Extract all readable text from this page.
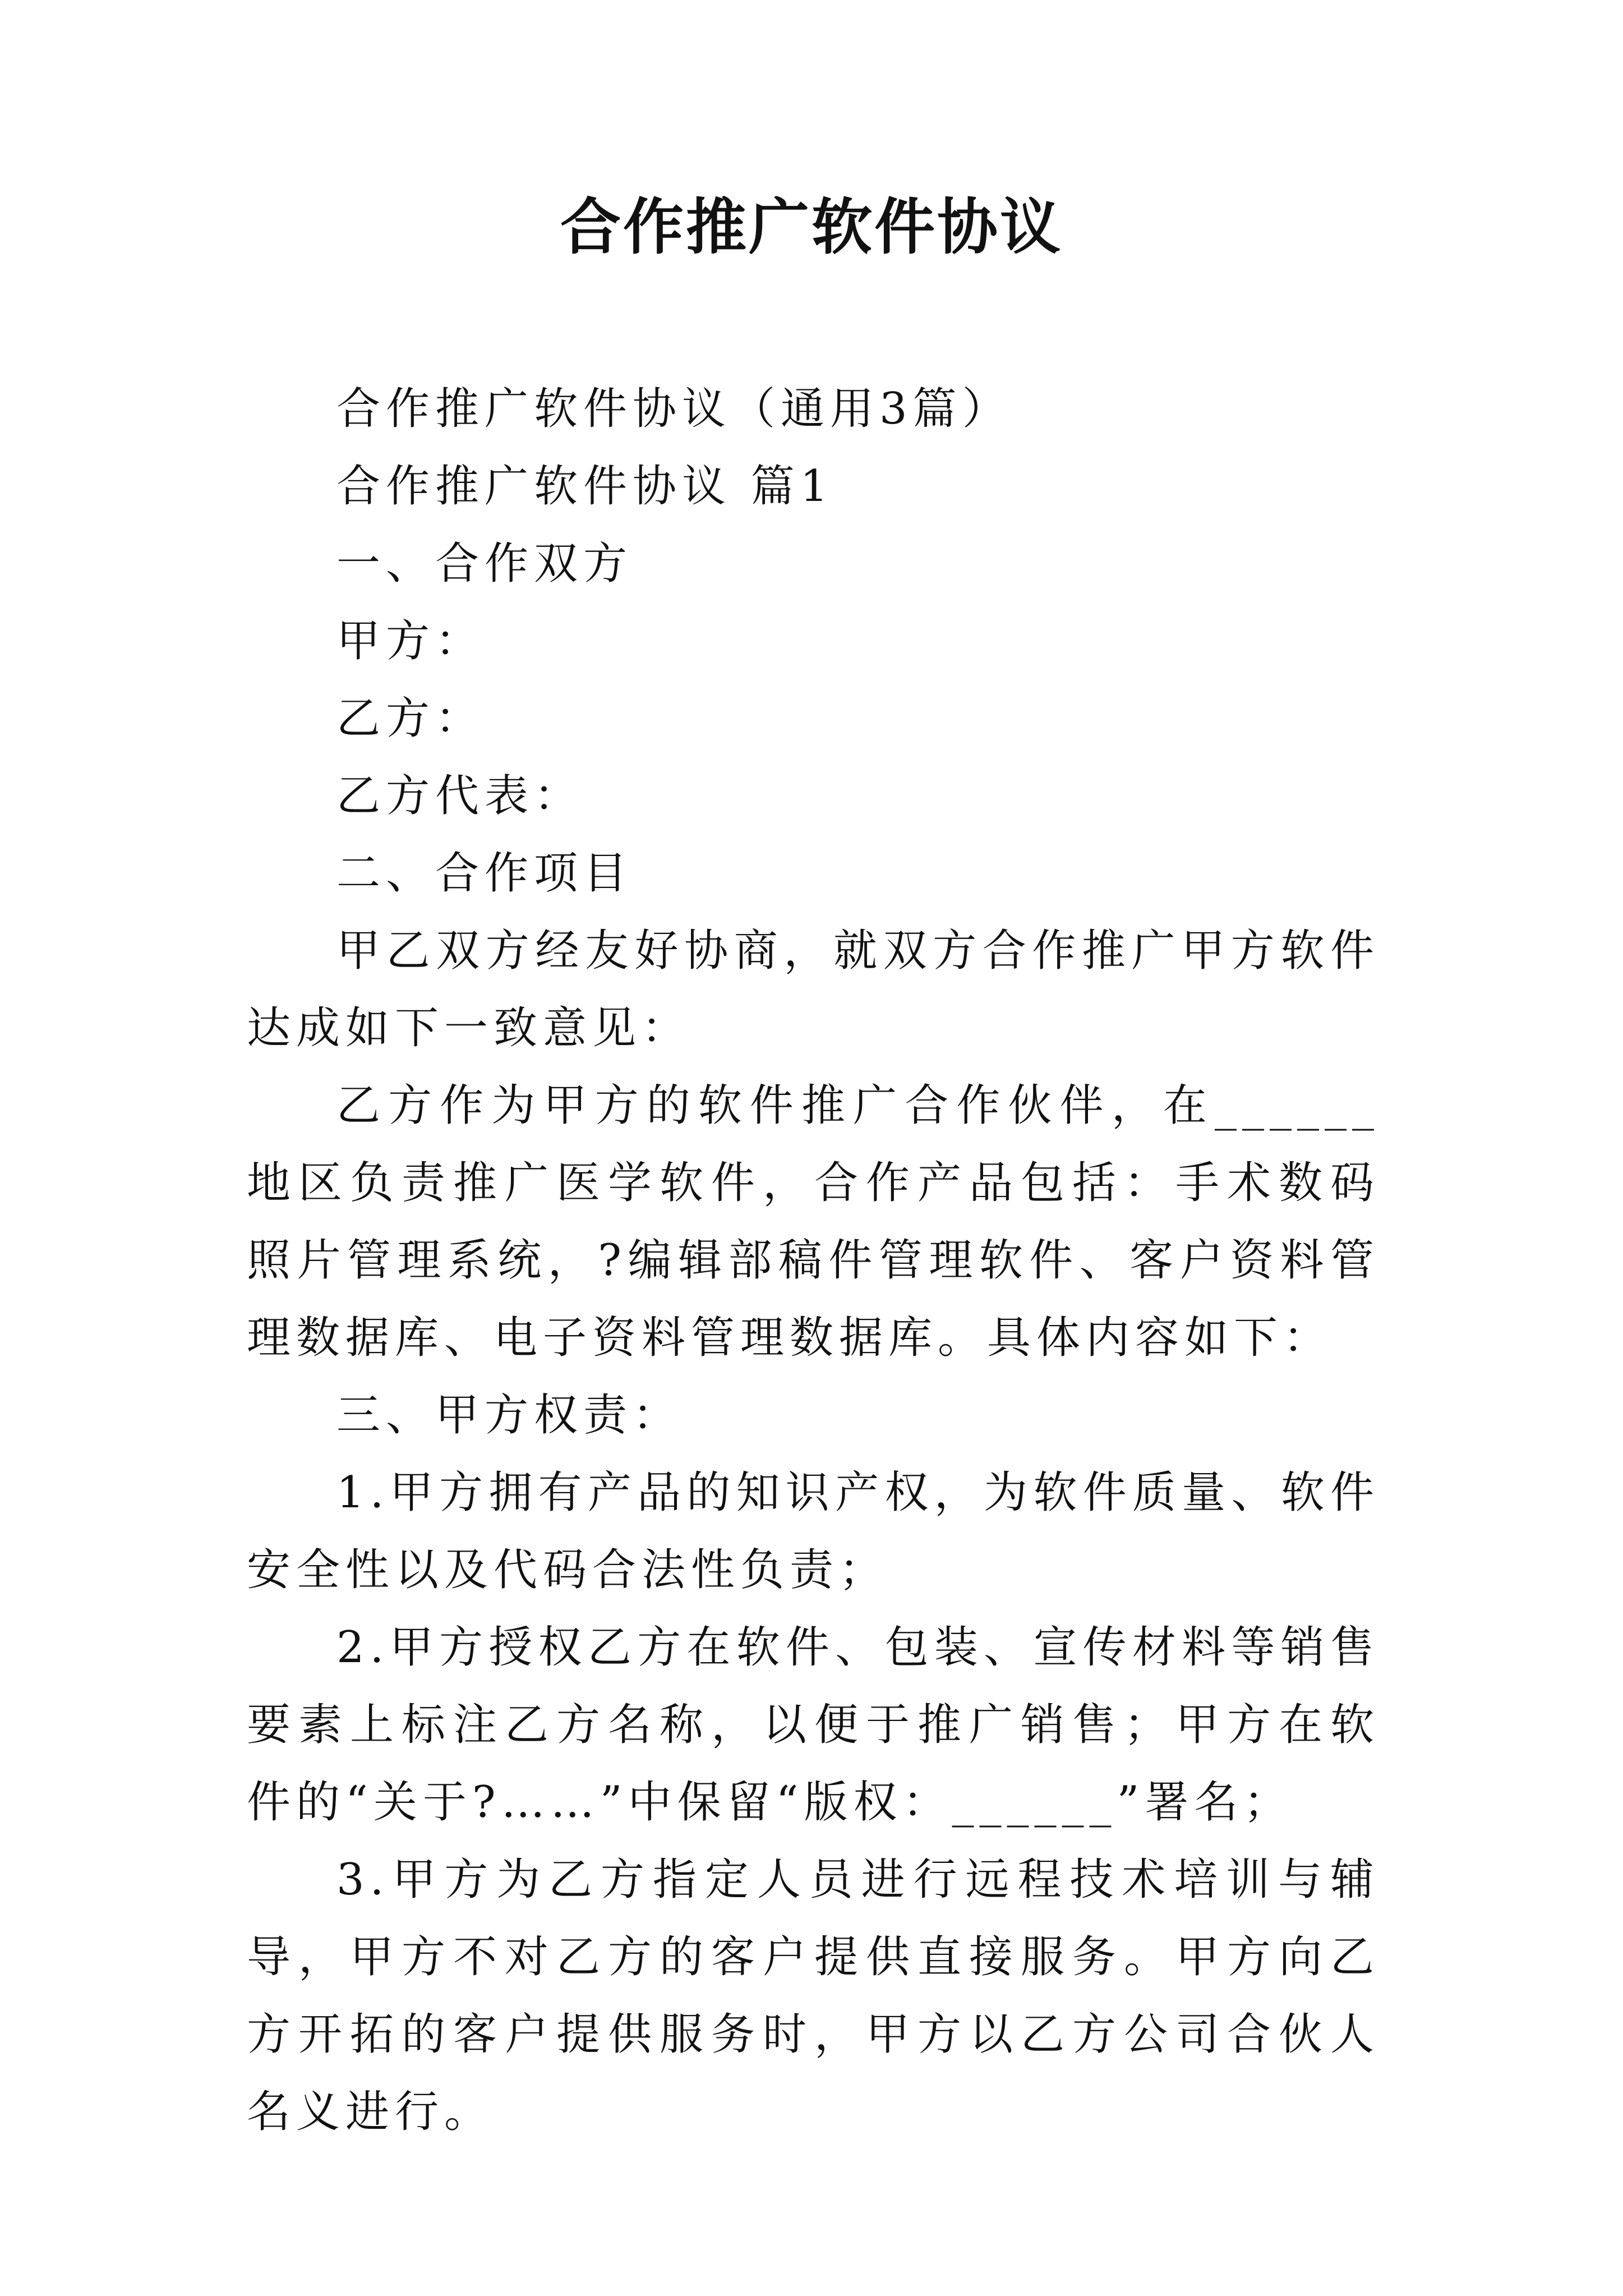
合作推广软件协议

合作推广软件协议（通用3篇）

合作推广软件协议 篇1

一、合作双方

甲方：

乙方：

乙方代表：

二、合作项目

甲乙双方经友好协商，就双方合作推广甲方软件达成如下一致意见：

乙方作为甲方的软件推广合作伙伴，在______地区负责推广医学软件，合作产品包括：手术数码照片管理系统，?编辑部稿件管理软件、客户资料管理数据库、电子资料管理数据库。具体内容如下：

三、甲方权责：

1.甲方拥有产品的知识产权，为软件质量、软件安全性以及代码合法性负责；

2.甲方授权乙方在软件、包装、宣传材料等销售要素上标注乙方名称，以便于推广销售；甲方在软件的“关于?……”中保留“版权：______”署名；

3.甲方为乙方指定人员进行远程技术培训与辅导，甲方不对乙方的客户提供直接服务。甲方向乙方开拓的客户提供服务时，甲方以乙方公司合伙人名义进行。
